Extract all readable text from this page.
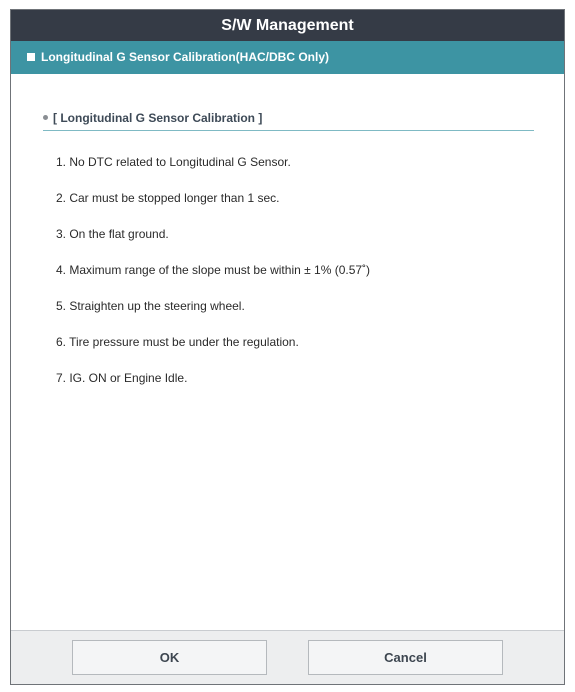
S/W Management
Longitudinal G Sensor Calibration(HAC/DBC Only)
[ Longitudinal G Sensor Calibration ]
1. No DTC related to Longitudinal G Sensor.
2. Car must be stopped longer than 1 sec.
3. On the flat ground.
4. Maximum range of the slope must be within ± 1% (0.57˚)
5. Straighten up the steering wheel.
6. Tire pressure must be under the regulation.
7. IG. ON or Engine Idle.
OK	Cancel
